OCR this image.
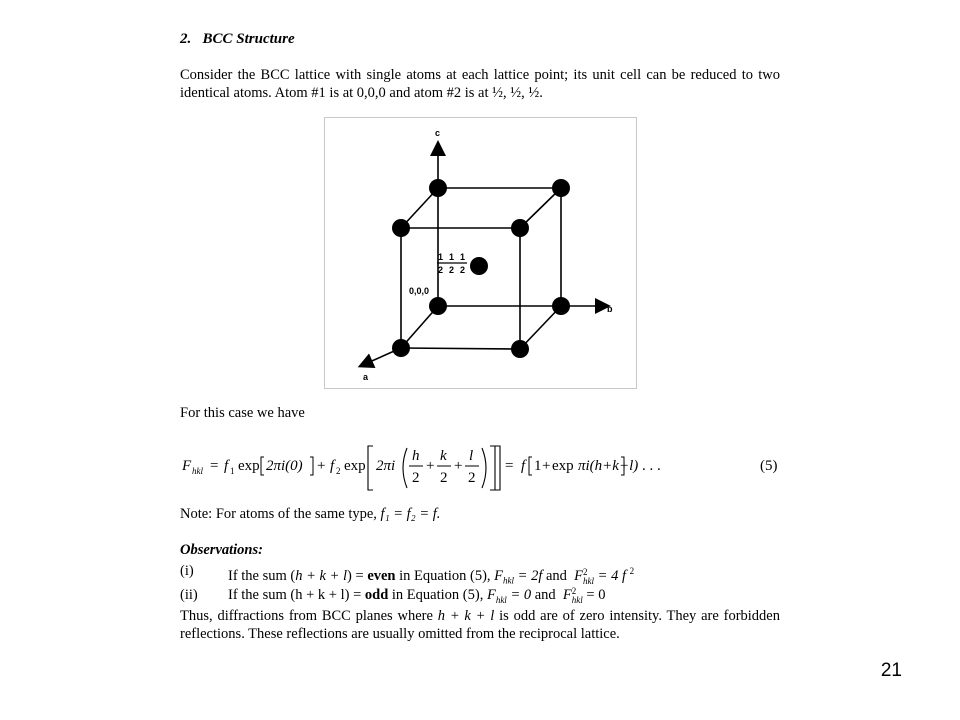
2. BCC Structure
Consider the BCC lattice with single atoms at each lattice point; its unit cell can be reduced to two identical atoms. Atom #1 is at 0,0,0 and atom #2 is at ½, ½, ½.
c
b
a
0,0,0
1 1 1
2 2 2
For this case we have
F hkl = f 1 exp 2πi(0) + f 2 exp 2πi
h
2
+
k
2
+
l
2
= f 1 + exp πi(h+k+l) . . .	(5)
Note: For atoms of the same type, f₁ = f₂ = f.
Observations:
(i) If the sum (h + k + l) = even in Equation (5), $F_{hkl} = 2f$ and  F 2
hkl = 4 f $^2$
(ii) If the sum (h + k + l) = odd in Equation (5), $F_{hkl} = 0$ and  F 2
hkl = 0
Thus, diffractions from BCC planes where h + k + l is odd are of zero intensity. They are forbidden reflections. These reflections are usually omitted from the reciprocal lattice.
21
